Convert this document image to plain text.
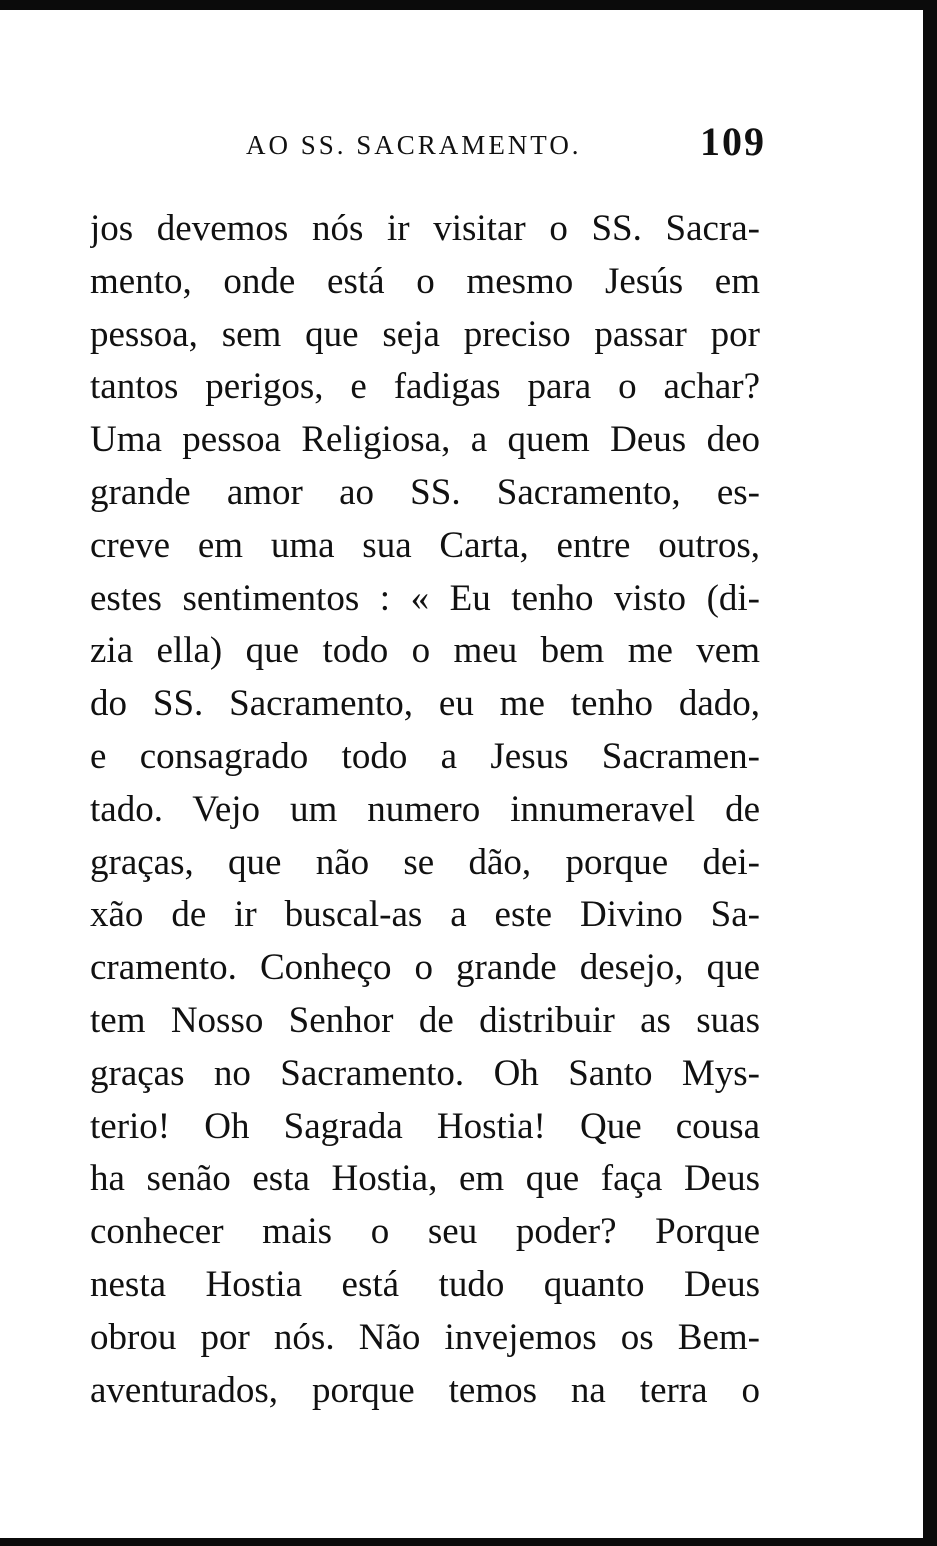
AO SS. SACRAMENTO.	109
jos devemos nós ir visitar o SS. Sacra-
mento, onde está o mesmo Jesús em
pessoa, sem que seja preciso passar por
tantos perigos, e fadigas para o achar?
Uma pessoa Religiosa, a quem Deus deo
grande amor ao SS. Sacramento, es-
creve em uma sua Carta, entre outros,
estes sentimentos : « Eu tenho visto (di-
zia ella) que todo o meu bem me vem
do SS. Sacramento, eu me tenho dado,
e consagrado todo a Jesus Sacramen-
tado. Vejo um numero innumeravel de
graças, que não se dão, porque dei-
xão de ir buscal-as a este Divino Sa-
cramento. Conheço o grande desejo, que
tem Nosso Senhor de distribuir as suas
graças no Sacramento. Oh Santo Mys-
terio! Oh Sagrada Hostia! Que cousa
ha senão esta Hostia, em que faça Deus
conhecer mais o seu poder? Porque
nesta Hostia está tudo quanto Deus
obrou por nós. Não invejemos os Bem-
aventurados, porque temos na terra o
